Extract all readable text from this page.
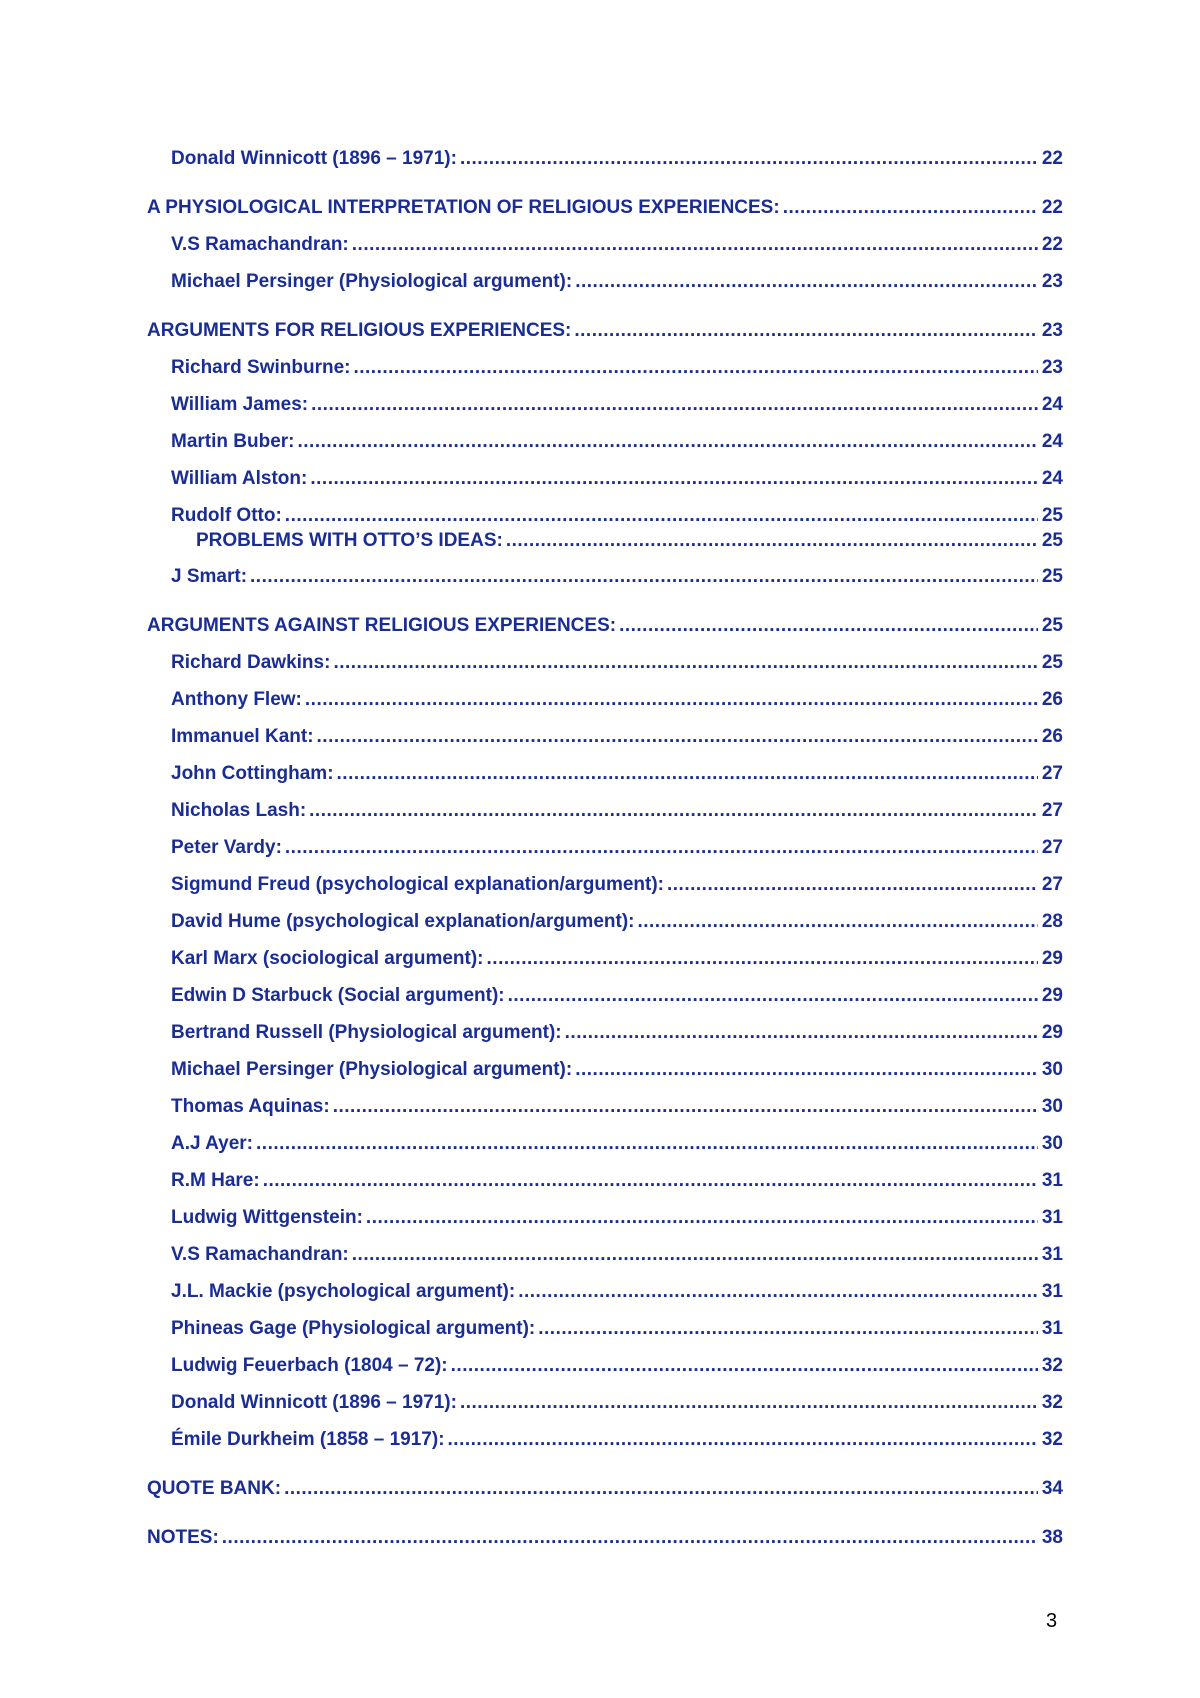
Donald Winnicott (1896 – 1971): .....	22
A PHYSIOLOGICAL INTERPRETATION OF RELIGIOUS EXPERIENCES: .....	22
V.S Ramachandran: .....	22
Michael Persinger (Physiological argument): .....	23
ARGUMENTS FOR RELIGIOUS EXPERIENCES: .....	23
Richard Swinburne: .....	23
William James: .....	24
Martin Buber: .....	24
William Alston: .....	24
Rudolf Otto: .....	25
PROBLEMS WITH OTTO’S IDEAS: .....	25
J Smart: .....	25
ARGUMENTS AGAINST RELIGIOUS EXPERIENCES: .....	25
Richard Dawkins: .....	25
Anthony Flew: .....	26
Immanuel Kant: .....	26
John Cottingham: .....	27
Nicholas Lash: .....	27
Peter Vardy: .....	27
Sigmund Freud (psychological explanation/argument): .....	27
David Hume (psychological explanation/argument): .....	28
Karl Marx (sociological argument): .....	29
Edwin D Starbuck (Social argument): .....	29
Bertrand Russell (Physiological argument): .....	29
Michael Persinger (Physiological argument): .....	30
Thomas Aquinas: .....	30
A.J Ayer: .....	30
R.M Hare: .....	31
Ludwig Wittgenstein: .....	31
V.S Ramachandran: .....	31
J.L. Mackie (psychological argument): .....	31
Phineas Gage (Physiological argument): .....	31
Ludwig Feuerbach (1804 – 72): .....	32
Donald Winnicott (1896 – 1971): .....	32
Émile Durkheim (1858 – 1917): .....	32
QUOTE BANK: .....	34
NOTES: .....	38
3
